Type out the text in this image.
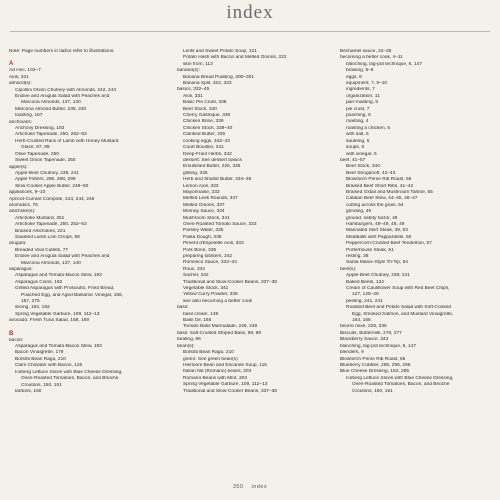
index
Note: Page numbers in italics refer to illustrations.
A
Ad Hoc, 102–7
Aioli, 331
almond(s):
Cipollini Onion Chutney with Almonds, 242, 244
Endive and Arugula Salad with Peaches and
Marcona Almonds, 137, 140
Marcona Almond Butter, 239, 240
toasting, 167
anchovies:
Anchovy Dressing, 183
Artichoke Tapenade, 250, 252–53
Herb-Crusted Rack of Lamb with Honey Mustard
Glaze, 87, 89
Olive Tapenade, 250
Sweet Onion Tapenade, 250
apple(s):
Apple-Beet Chutney, 239, 241
Apple Fritters, 296, 298, 299
Slow-Cooker Apple Butter, 249–50
appliances, 9–10
Apricot-Currant Compote, 243, 244, 246
aromatics, 76
artichoke(s):
Artichoke Mustard, 251
Artichoke Tapenade, 250, 252–53
Braised Artichokes, 221
Sautéed Lamb Loin Chops, 58
arugula:
Breaded Veal Cutlets, 77
Endive and Arugula Salad with Peaches and
Marcona Almonds, 137, 140
asparagus:
Asparagus and Tomato-Bacon Stew, 193
Asparagus Coins, 192
Grilled Asparagus with Prosciutto, Fried Bread,
Poached Egg, and Aged Balsamic Vinegar, 156,
157, 275
slicing, 192, 192
Spring Vegetable Garbure, 109, 112–13
avocado: Fresh Tuna Salad, 168, 169
B
bacon:
Asparagus and Tomato-Bacon Stew, 193
Bacon Vinaigrette, 179
Borlotti Bean Ragù, 210
Clam Chowder with Bacon, 126
Iceberg Lettuce Slices with Blue Cheese Dressing,
Oven-Roasted Tomatoes, Bacon, and Brioche
Croutons, 150, 151
lardons, 150
Lentil and Sweet Potato Soup, 121
Potato Hash with Bacon and Melted Onions, 222
skin from, 113
banana(s):
Banana Bread Pudding, 300–301
Banana Split, 322, 323
basics, 332–45
Aioli, 331
Basic Pie Crust, 338
Beef Stock, 340
Cherry Gastrique, 336
Chicken Brine, 339
Chicken Stock, 339–40
Clarified Butter, 335
cooking eggs, 342–43
Court Bouillon, 341
Deep-Fried Herbs, 342
dessert: See dessert basics
Emulsified Butter, 226, 335
grilling, 345
Herb and Shallot Butter, 334–35
Lemon Aioli, 333
Mayonnaise, 333
Melted Leek Rounds, 337
Melted Onions, 337
Mornay Sauce, 334
Mushroom Stock, 341
Oven-Roasted Tomato Sauce, 333
Parsley Water, 335
Pasta Dough, 338
Piment d'Espelette Aioli, 333
Pork Brine, 339
preparing lobsters, 342
Romesco Sauce, 333–34
Roux, 334
Sachet, 342
Traditional and Slow-Cooker Beans, 337–38
Vegetable Stock, 341
Yellow Curry Powder, 336
see also becoming a better cook
basil:
basil cream, 149
Basil Oil, 165
Tomato Basil Marmalade, 246, 248
bass: Salt-Crusted Striped Bass, 98, 99
beating, 96
bean(s):
Borlotti Bean Ragù, 210
green: See green bean(s)
Heirloom Bean and Escarole Soup, 115
Italian flat (Romano) beans, 203
Romano Beans with Mint, 203
Spring Vegetable Garbure, 109, 112–13
Traditional and Slow-Cooker Beans, 337–38
Béchamel sauce, 24–25
becoming a better cook, 4–11
blanching, big-pot technique, 6, 147
braising, 5–6
eggs, 6
equipment, 7, 9–10
ingredients, 7
organization, 11
pan-roasting, 5
pie crust, 7
poaching, 6
roasting, 4
roasting a chicken, 5
with salt, 5
sautéing, 5
soups, 6
with vinegar, 5
beef, 41–57
Beef Stock, 340
Beef Stroganoff, 42–43
Blowtorch Prime Rib Roast, 56
Braised Beef Short Ribs, 41–42
Braised Oxtail and Mushroom Tartine, 55
Catalan Beef Stew, 44–45, 46–47
cutting across the grain, 54
grinding, 49
ground, safety factor, 48
Hamburgers, 48–49, 48, 49
Marinated Skirt Steak, 39, 53
Meatballs with Pappardelle, 50
Peppercorn-Crusted Beef Tenderloin, 57
Porterhouse Steak, 51
resting, 38
Santa Maria–Style Tri-Tip, 54
beet(s):
Apple-Beet Chutney, 239, 241
Baked Beets, 134
Cream of Cauliflower Soup with Red Beet Chips,
127, 128–29
peeling, 241, 241
Roasted Beet and Potato Salad with Soft-Cooked
Egg, Smoked Salmon, and Mustard Vinaigrette,
164, 165
beurre mixé, 226, 335
Biscuits, Buttermilk, 276, 277
Blackberry Sauce, 343
blanching, big-pot technique, 6, 147
blenders, 9
Blowtorch Prime Rib Roast, 56
Blueberry Cobbler, 295, 296, 296
Blue Cheese Dressing, 182, 285
Iceberg Lettuce Slices with Blue Cheese Dressing,
Oven-Roasted Tomatoes, Bacon, and Brioche
Croutons, 150, 151
350 index
